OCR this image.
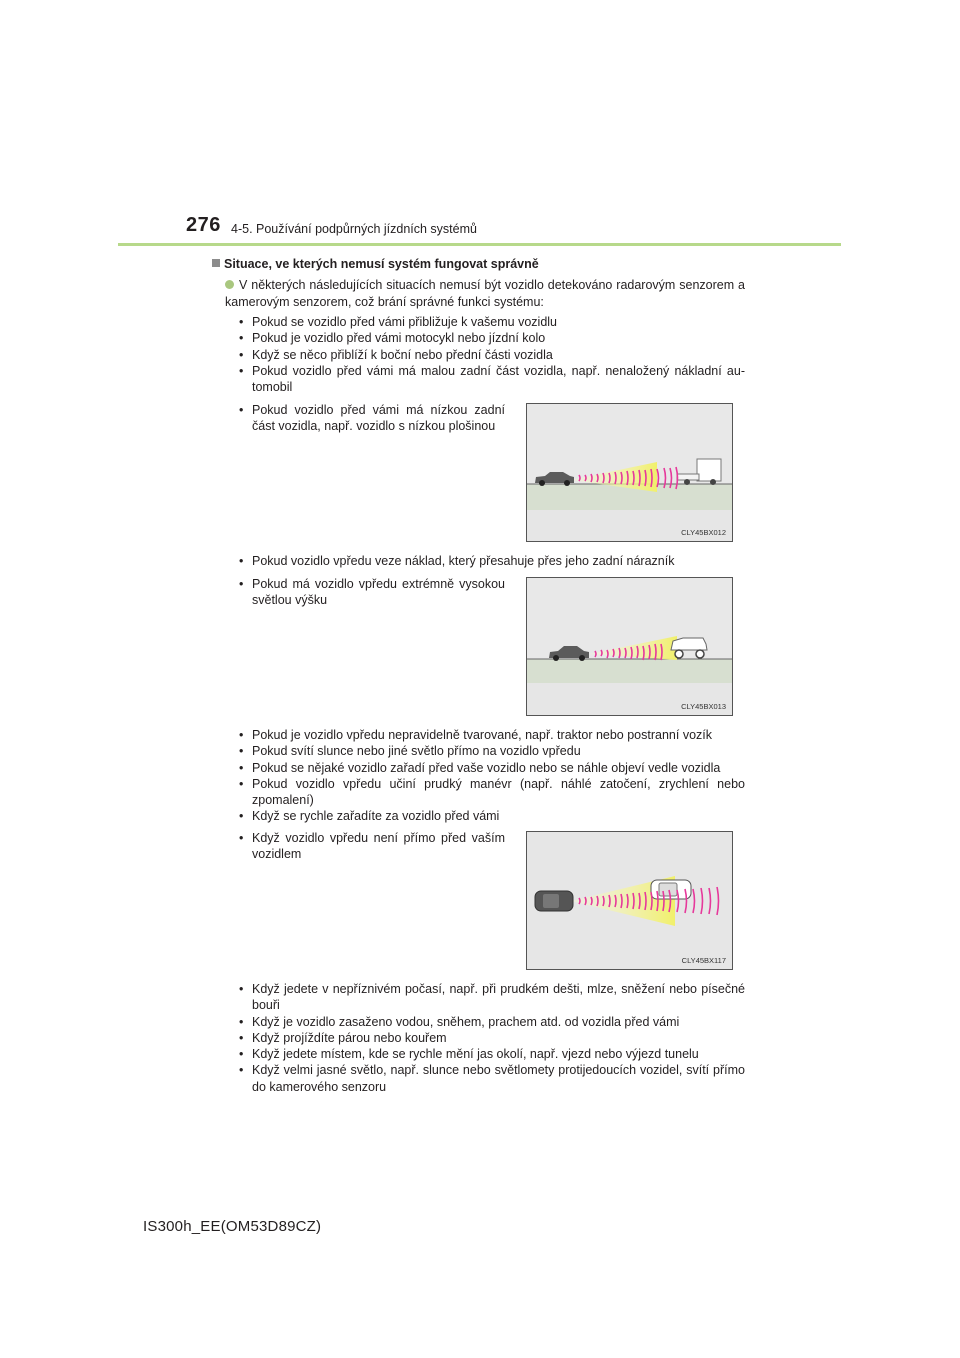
276 4-5. Používání podpůrných jízdních systémů
Situace, ve kterých nemusí systém fungovat správně
V některých následujících situacích nemusí být vozidlo detekováno radarovým senzorem a kamerovým senzorem, což brání správné funkci systému:
• Pokud se vozidlo před vámi přibližuje k vašemu vozidlu
• Pokud je vozidlo před vámi motocykl nebo jízdní kolo
• Když se něco přiblíží k boční nebo přední části vozidla
• Pokud vozidlo před vámi má malou zadní část vozidla, např. nenaložený nákladní automobil
• Pokud vozidlo před vámi má nízkou zadní část vozidla, např. vozidlo s nízkou plošinou
CLY45BX012
• Pokud vozidlo vpředu veze náklad, který přesahuje přes jeho zadní nárazník
• Pokud má vozidlo vpředu extrémně vysokou světlou výšku
CLY45BX013
• Pokud je vozidlo vpředu nepravidelně tvarované, např. traktor nebo postranní vozík
• Pokud svítí slunce nebo jiné světlo přímo na vozidlo vpředu
• Pokud se nějaké vozidlo zařadí před vaše vozidlo nebo se náhle objeví vedle vozidla
• Pokud vozidlo vpředu učiní prudký manévr (např. náhlé zatočení, zrychlení nebo zpomalení)
• Když se rychle zařadíte za vozidlo před vámi
• Když vozidlo vpředu není přímo před vaším vozidlem
CLY45BX117
• Když jedete v nepříznivém počasí, např. při prudkém dešti, mlze, sněžení nebo písečné bouři
• Když je vozidlo zasaženo vodou, sněhem, prachem atd. od vozidla před vámi
• Když projíždíte párou nebo kouřem
• Když jedete místem, kde se rychle mění jas okolí, např. vjezd nebo výjezd tunelu
• Když velmi jasné světlo, např. slunce nebo světlomety protijedoucích vozidel, svítí přímo do kamerového senzoru
IS300h_EE(OM53D89CZ)
